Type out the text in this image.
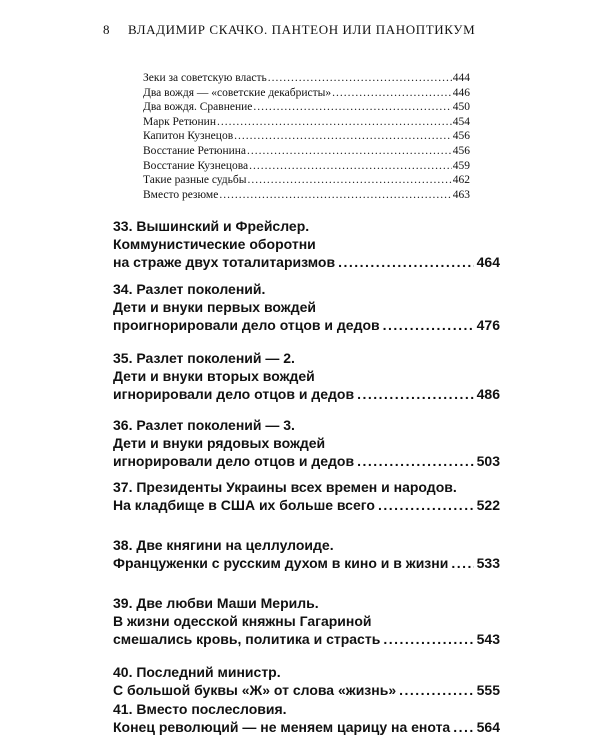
8 ВЛАДИМИР СКАЧКО. ПАНТЕОН ИЛИ ПАНОПТИКУМ
Зеки за советскую власть .....	444
Два вождя — «советские декабристы» .....	446
Два вождя. Сравнение .....	450
Марк Ретюнин .....	454
Капитон Кузнецов .....	456
Восстание Ретюнина .....	456
Восстание Кузнецова .....	459
Такие разные судьбы .....	462
Вместо резюме .....	463
33. Вышинский и Фрейслер.
Коммунистические оборотни
на страже двух тоталитаризмов .....	464
34. Разлет поколений.
Дети и внуки первых вождей
проигнорировали дело отцов и дедов .....	476
35. Разлет поколений — 2.
Дети и внуки вторых вождей
игнорировали дело отцов и дедов .....	486
36. Разлет поколений — 3.
Дети и внуки рядовых вождей
игнорировали дело отцов и дедов .....	503
37. Президенты Украины всех времен и народов.
На кладбище в США их больше всего .....	522
38. Две княгини на целлулоиде.
Француженки с русским духом в кино и в жизни ..... 533
39. Две любви Маши Мериль.
В жизни одесской княжны Гагариной
смешались кровь, политика и страсть .....	543
40. Последний министр.
С большой буквы «Ж» от слова «жизнь» .....	555
41. Вместо послесловия.
Конец революций — не меняем царицу на енота ..... 564
